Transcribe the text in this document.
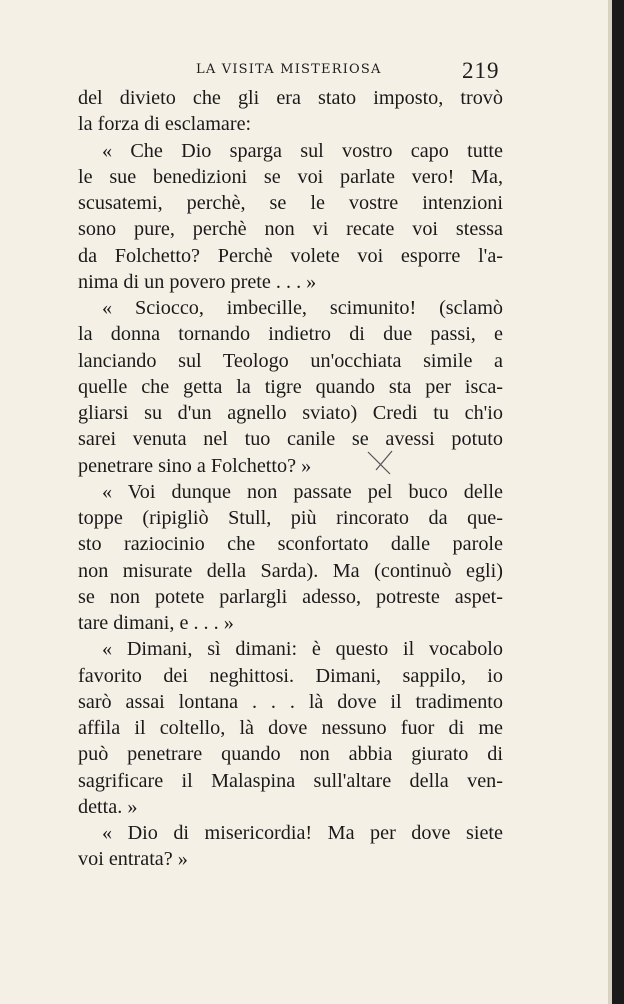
LA VISITA MISTERIOSA	219
del divieto che gli era stato imposto, trovò
la forza di esclamare:
« Che Dio sparga sul vostro capo tutte
le sue benedizioni se voi parlate vero! Ma,
scusatemi, perchè, se le vostre intenzioni
sono pure, perchè non vi recate voi stessa
da Folchetto? Perchè volete voi esporre l'a-
nima di un povero prete . . . »
« Sciocco, imbecille, scimunito! (sclamò
la donna tornando indietro di due passi, e
lanciando sul Teologo un'occhiata simile a
quelle che getta la tigre quando sta per isca-
gliarsi su d'un agnello sviato) Credi tu ch'io
sarei venuta nel tuo canile se avessi potuto
penetrare sino a Folchetto? »
« Voi dunque non passate pel buco delle
toppe (ripigliò Stull, più rincorato da que-
sto raziocinio che sconfortato dalle parole
non misurate della Sarda). Ma (continuò egli)
se non potete parlargli adesso, potreste aspet-
tare dimani, e . . . »
« Dimani, sì dimani: è questo il vocabolo
favorito dei neghittosi. Dimani, sappilo, io
sarò assai lontana . . . là dove il tradimento
affila il coltello, là dove nessuno fuor di me
può penetrare quando non abbia giurato di
sagrificare il Malaspina sull'altare della ven-
detta. »
« Dio di misericordia! Ma per dove siete
voi entrata? »
